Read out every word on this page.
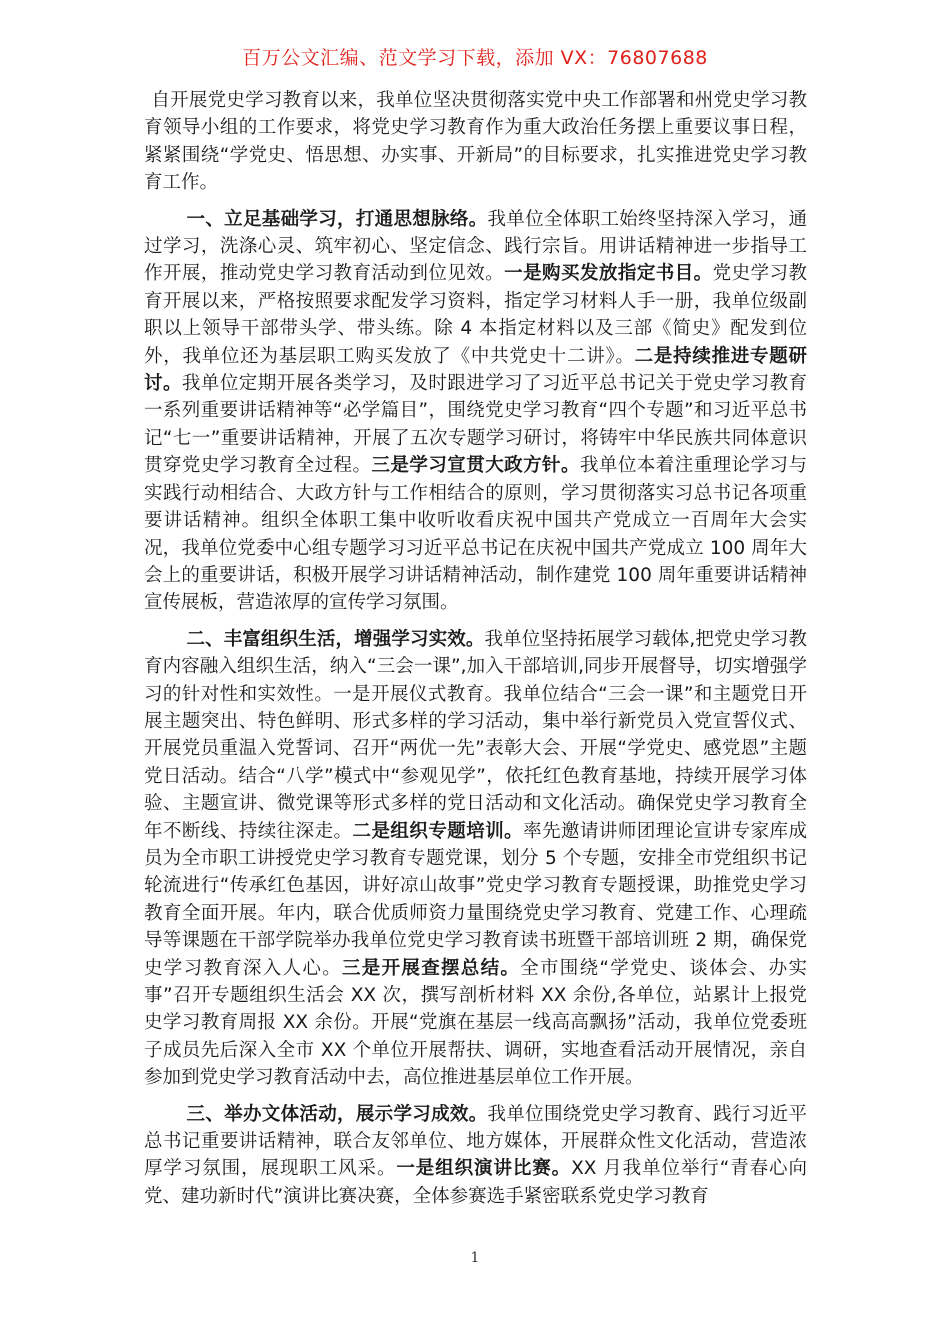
百万公文汇编、范文学习下载，添加 VX：76807688

自开展党史学习教育以来，我单位坚决贯彻落实党中央工作部署和州党史学习教育领导小组的工作要求，将党史学习教育作为重大政治任务摆上重要议事日程，紧紧围绕“学党史、悟思想、办实事、开新局”的目标要求，扎实推进党史学习教育工作。

一、立足基础学习，打通思想脉络。我单位全体职工始终坚持深入学习，通过学习，洗涤心灵、筑牢初心、坚定信念、践行宗旨。用讲话精神进一步指导工作开展，推动党史学习教育活动到位见效。一是购买发放指定书目。党史学习教育开展以来，严格按照要求配发学习资料，指定学习材料人手一册，我单位级副职以上领导干部带头学、带头练。除 4 本指定材料以及三部《简史》配发到位外，我单位还为基层职工购买发放了《中共党史十二讲》。二是持续推进专题研讨。我单位定期开展各类学习，及时跟进学习了习近平总书记关于党史学习教育一系列重要讲话精神等“必学篇目”，围绕党史学习教育“四个专题”和习近平总书记“七一”重要讲话精神，开展了五次专题学习研讨，将铸牢中华民族共同体意识贯穿党史学习教育全过程。三是学习宣贯大政方针。我单位本着注重理论学习与实践行动相结合、大政方针与工作相结合的原则，学习贯彻落实习总书记各项重要讲话精神。组织全体职工集中收听收看庆祝中国共产党成立一百周年大会实况，我单位党委中心组专题学习习近平总书记在庆祝中国共产党成立 100 周年大会上的重要讲话，积极开展学习讲话精神活动，制作建党 100 周年重要讲话精神宣传展板，营造浓厚的宣传学习氛围。

二、丰富组织生活，增强学习实效。我单位坚持拓展学习载体,把党史学习教育内容融入组织生活，纳入“三会一课”,加入干部培训,同步开展督导，切实增强学习的针对性和实效性。一是开展仪式教育。我单位结合“三会一课”和主题党日开展主题突出、特色鲜明、形式多样的学习活动，集中举行新党员入党宣誓仪式、开展党员重温入党誓词、召开“两优一先”表彰大会、开展“学党史、感党恩”主题党日活动。结合“八学”模式中“参观见学”，依托红色教育基地，持续开展学习体验、主题宣讲、微党课等形式多样的党日活动和文化活动。确保党史学习教育全年不断线、持续往深走。二是组织专题培训。率先邀请讲师团理论宣讲专家库成员为全市职工讲授党史学习教育专题党课，划分 5 个专题，安排全市党组织书记轮流进行“传承红色基因，讲好凉山故事”党史学习教育专题授课，助推党史学习教育全面开展。年内，联合优质师资力量围绕党史学习教育、党建工作、心理疏导等课题在干部学院举办我单位党史学习教育读书班暨干部培训班 2 期，确保党史学习教育深入人心。三是开展查摆总结。全市围绕“学党史、谈体会、办实事”召开专题组织生活会 XX 次，撰写剖析材料 XX 余份,各单位，站累计上报党史学习教育周报 XX 余份。开展“党旗在基层一线高高飘扬”活动，我单位党委班子成员先后深入全市 XX 个单位开展帮扶、调研，实地查看活动开展情况，亲自参加到党史学习教育活动中去，高位推进基层单位工作开展。

三、举办文体活动，展示学习成效。我单位围绕党史学习教育、践行习近平总书记重要讲话精神，联合友邻单位、地方媒体，开展群众性文化活动，营造浓厚学习氛围，展现职工风采。一是组织演讲比赛。XX 月我单位举行“青春心向党、建功新时代”演讲比赛决赛，全体参赛选手紧密联系党史学习教育

1
